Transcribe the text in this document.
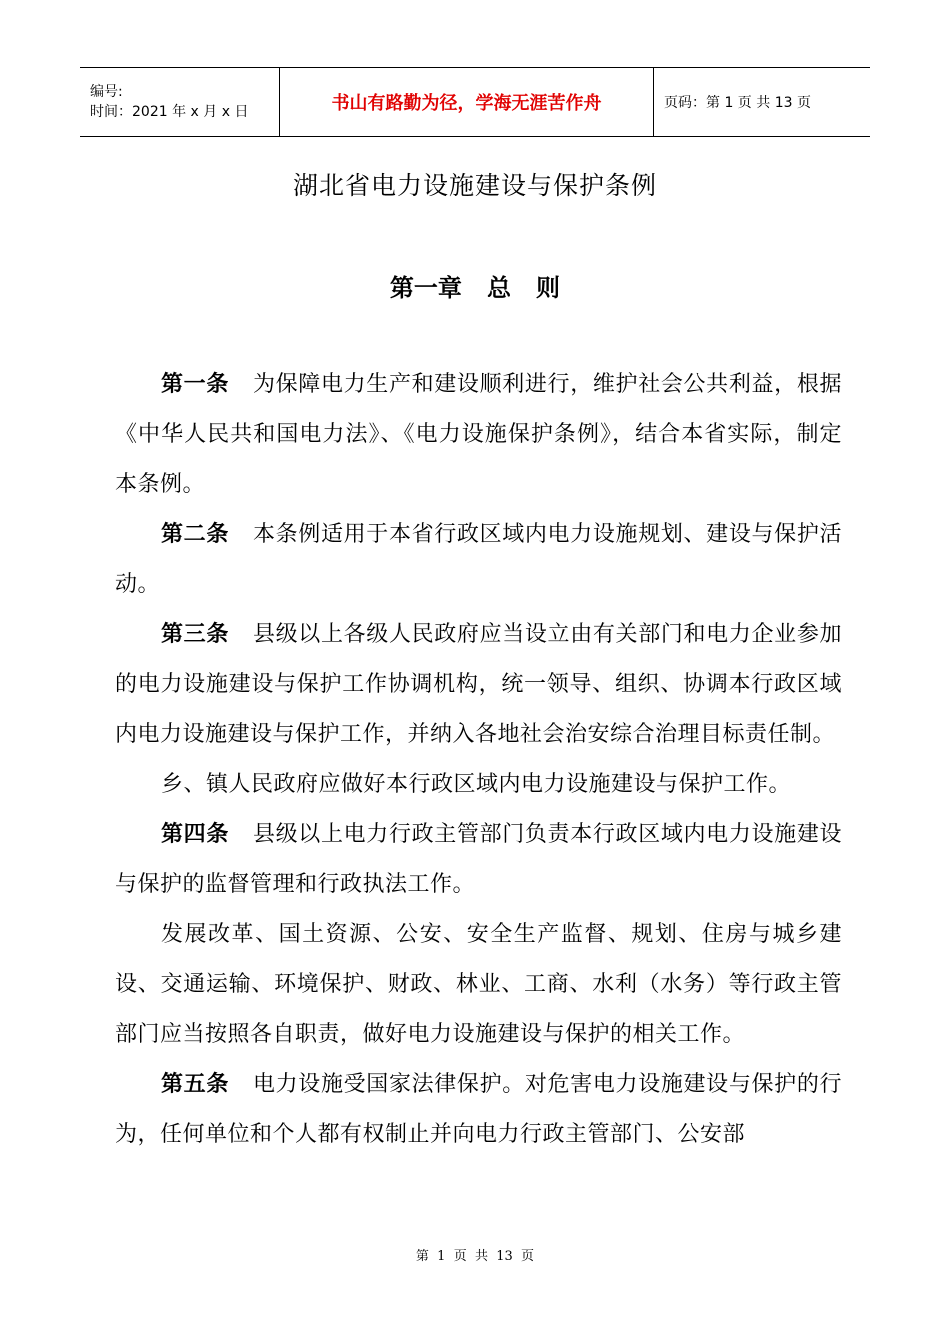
编号:
时间：2021 年 x 月 x 日	书山有路勤为径，学海无涯苦作舟	页码：第 1 页 共 13 页
湖北省电力设施建设与保护条例
第一章   总   则

第一条 为保障电力生产和建设顺利进行，维护社会公共利益，根据《中华人民共和国电力法》、《电力设施保护条例》，结合本省实际，制定本条例。

第二条 本条例适用于本省行政区域内电力设施规划、建设与保护活动。

第三条 县级以上各级人民政府应当设立由有关部门和电力企业参加的电力设施建设与保护工作协调机构，统一领导、组织、协调本行政区域内电力设施建设与保护工作，并纳入各地社会治安综合治理目标责任制。

乡、镇人民政府应做好本行政区域内电力设施建设与保护工作。

第四条 县级以上电力行政主管部门负责本行政区域内电力设施建设与保护的监督管理和行政执法工作。

发展改革、国土资源、公安、安全生产监督、规划、住房与城乡建设、交通运输、环境保护、财政、林业、工商、水利（水务）等行政主管部门应当按照各自职责，做好电力设施建设与保护的相关工作。

第五条 电力设施受国家法律保护。对危害电力设施建设与保护的行为，任何单位和个人都有权制止并向电力行政主管部门、公安部

第  1  页  共  13  页
